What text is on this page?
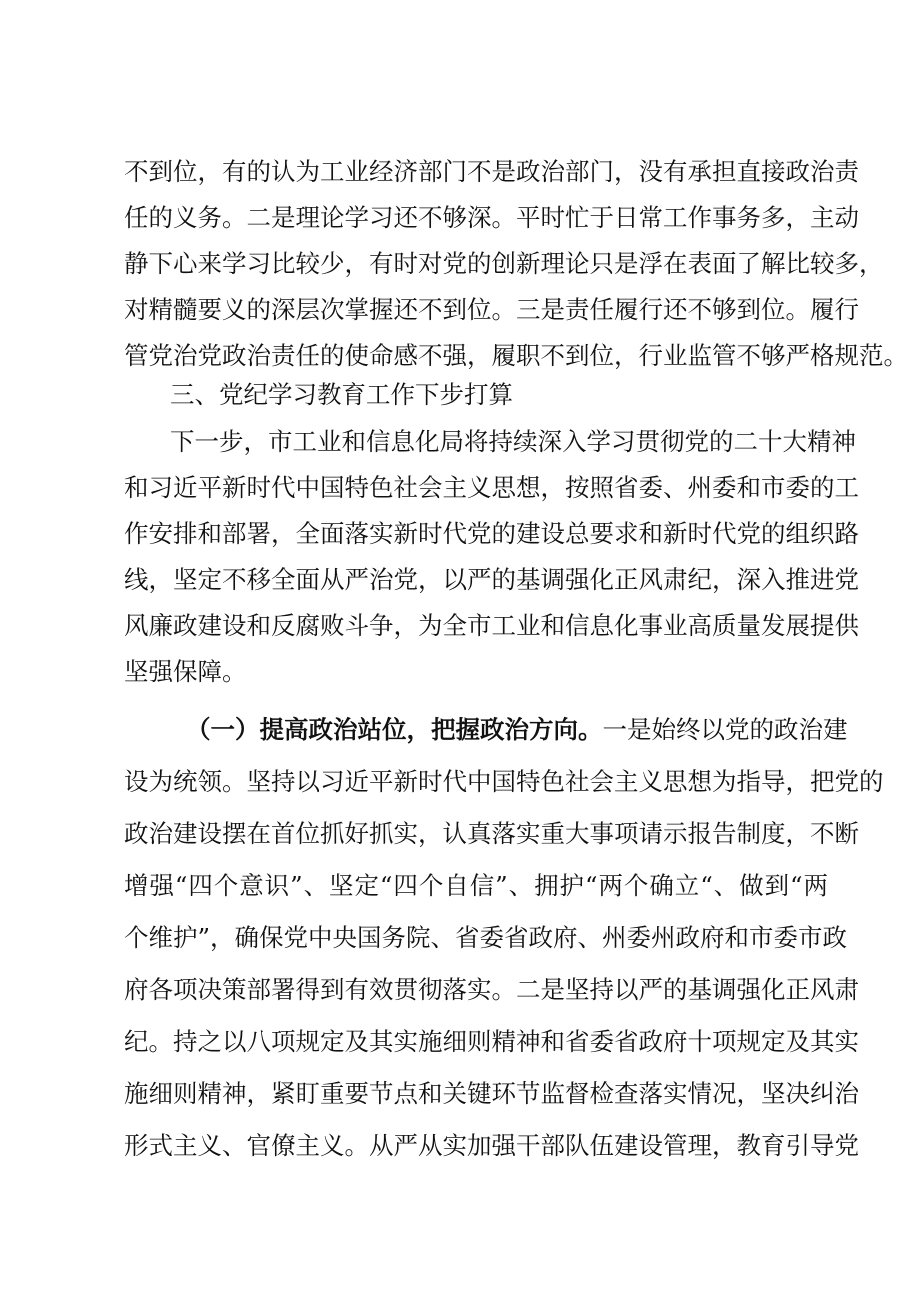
不到位，有的认为工业经济部门不是政治部门，没有承担直接政治责
任的义务。二是理论学习还不够深。平时忙于日常工作事务多，主动
静下心来学习比较少，有时对党的创新理论只是浮在表面了解比较多，
对精髓要义的深层次掌握还不到位。三是责任履行还不够到位。履行
管党治党政治责任的使命感不强，履职不到位，行业监管不够严格规范。
三、党纪学习教育工作下步打算
下一步，市工业和信息化局将持续深入学习贯彻党的二十大精神
和习近平新时代中国特色社会主义思想，按照省委、州委和市委的工
作安排和部署，全面落实新时代党的建设总要求和新时代党的组织路
线，坚定不移全面从严治党，以严的基调强化正风肃纪，深入推进党
风廉政建设和反腐败斗争，为全市工业和信息化事业高质量发展提供
坚强保障。
（一）提高政治站位，把握政治方向。一是始终以党的政治建
设为统领。坚持以习近平新时代中国特色社会主义思想为指导，把党的
政治建设摆在首位抓好抓实，认真落实重大事项请示报告制度，不断
增强“四个意识”、坚定“四个自信”、拥护“两个确立“、做到“两
个维护”，确保党中央国务院、省委省政府、州委州政府和市委市政
府各项决策部署得到有效贯彻落实。二是坚持以严的基调强化正风肃
纪。持之以八项规定及其实施细则精神和省委省政府十项规定及其实
施细则精神，紧盯重要节点和关键环节监督检查落实情况，坚决纠治
形式主义、官僚主义。从严从实加强干部队伍建设管理，教育引导党
